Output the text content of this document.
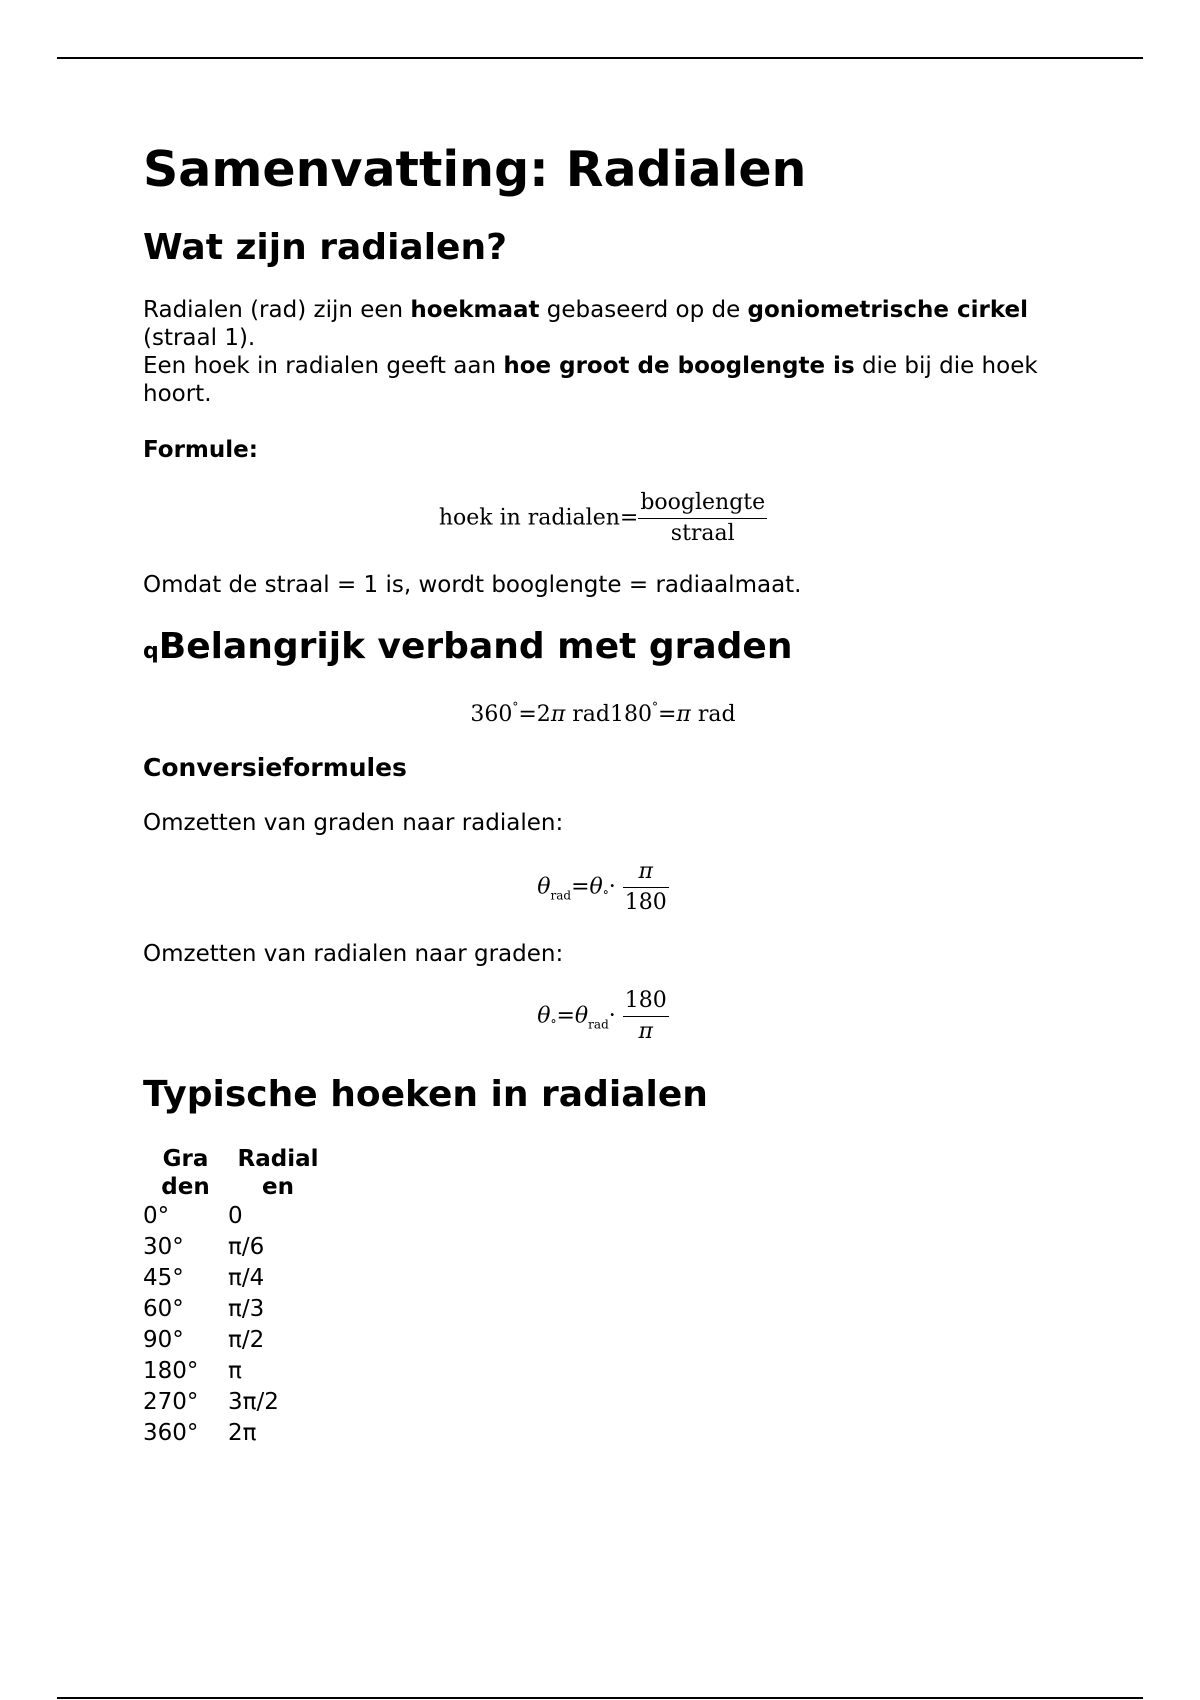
Samenvatting: Radialen
Wat zijn radialen?

Radialen (rad) zijn een hoekmaat gebaseerd op de goniometrische cirkel (straal 1).

Een hoek in radialen geeft aan hoe groot de booglengte is die bij die hoek hoort.

Formule:

hoek in radialen= $\frac{\text{booglengte}}{\text{straal}}$

Omdat de straal = 1 is, wordt booglengte = radiaalmaat.

qBelangrijk verband met graden
360°=2π rad180°=π rad
Conversieformules

Omzetten van graden naar radialen:

$\theta_{rad}=\theta^\circ\cdot \frac{\pi}{180}$

Omzetten van radialen naar graden:

$\theta^\circ=\theta_{rad}\cdot \frac{180}{\pi}$
Typische hoeken in radialen
Graden	Radialen
0°	0
30°	π/6
45°	π/4
60°	π/3
90°	π/2
180°	π
270°	3π/2
360°	2π
